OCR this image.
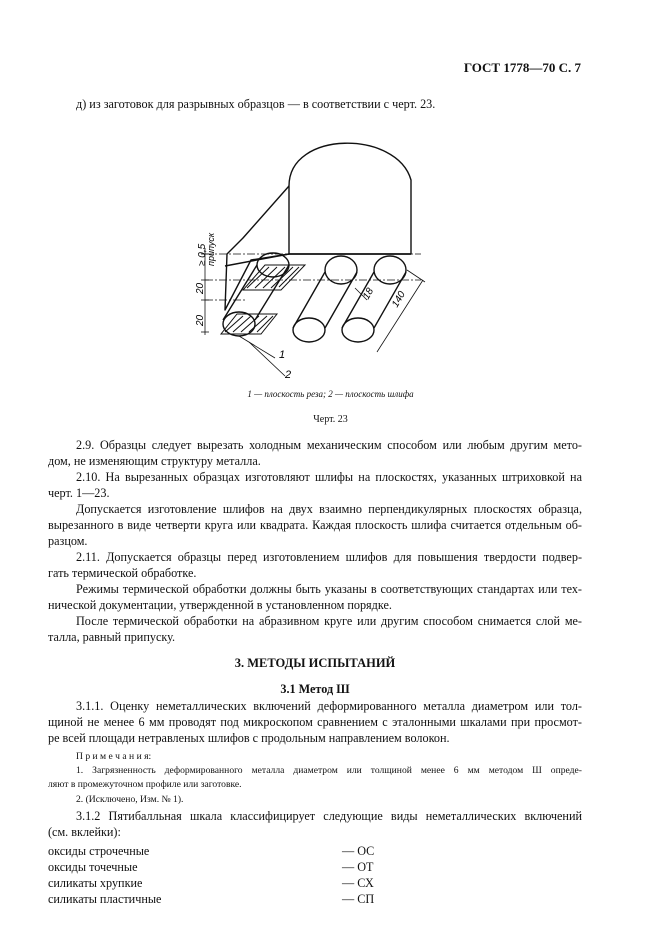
ГОСТ 1778—70 С. 7
д) из заготовок для разрывных образцов — в соответствии с черт. 23.
≥ 0,5
припуск
20
20
18 140
1
2
1 — плоскость реза; 2 — плоскость шлифа
Черт. 23
2.9. Образцы следует вырезать холодным механическим способом или любым другим мето-
дом, не изменяющим структуру металла.
2.10. На вырезанных образцах изготовляют шлифы на плоскостях, указанных штриховкой на
черт. 1—23.
Допускается изготовление шлифов на двух взаимно перпендикулярных плоскостях образца,
вырезанного в виде четверти круга или квадрата. Каждая плоскость шлифа считается отдельным об-
разцом.
2.11. Допускается образцы перед изготовлением шлифов для повышения твердости подвер-
гать термической обработке.
Режимы термической обработки должны быть указаны в соответствующих стандартах или тех-
нической документации, утвержденной в установленном порядке.
После термической обработки на абразивном круге или другим способом снимается слой ме-
талла, равный припуску.
3. МЕТОДЫ ИСПЫТАНИЙ
3.1 Метод Ш
3.1.1. Оценку неметаллических включений деформированного металла диаметром или тол-
щиной не менее 6 мм проводят под микроскопом сравнением с эталонными шкалами при просмот-
ре всей площади нетравленых шлифов с продольным направлением волокон.
П р и м е ч а н и я:
1. Загрязненность деформированного металла диаметром или толщиной менее 6 мм методом Ш опреде-
ляют в промежуточном профиле или заготовке.
2. (Исключено, Изм. № 1).
3.1.2 Пятибалльная шкала классифицирует следующие виды неметаллических включений
(см. вклейки):
оксиды строчечные	— ОС
оксиды точечные	— ОТ
силикаты хрупкие	— СХ
силикаты пластичные	— СП
